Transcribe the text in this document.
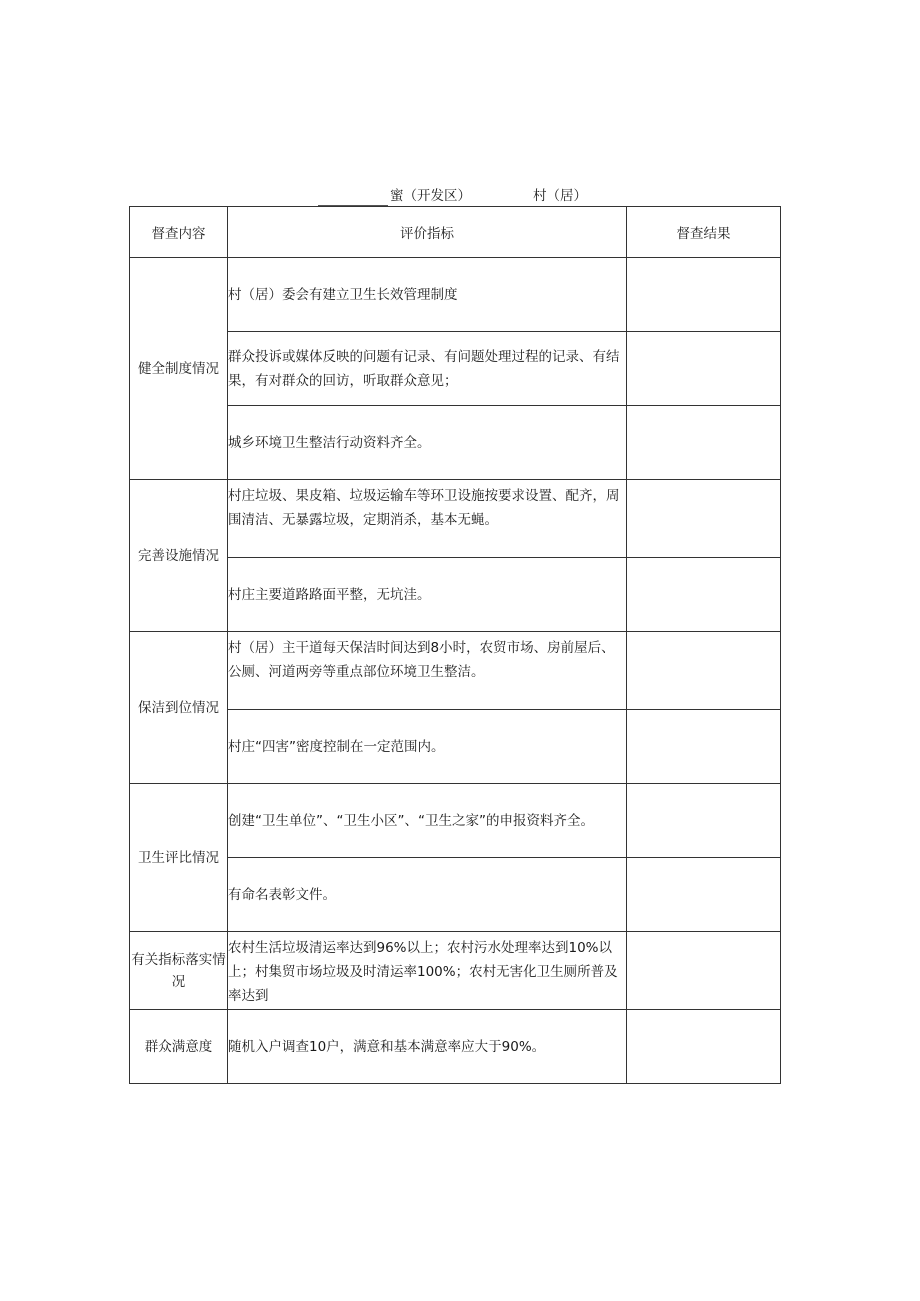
蜜（开发区）	村（居）
督查内容	评价指标	督查结果
健全制度情况	村（居）委会有建立卫生长效管理制度	
	群众投诉或媒体反映的问题有记录、有问题处理过程的记录、有结果，有对群众的回访，听取群众意见；	
	城乡环境卫生整洁行动资料齐全。	
完善设施情况	村庄垃圾、果皮箱、垃圾运输车等环卫设施按要求设置、配齐，周围清洁、无暴露垃圾，定期消杀，基本无蝇。	
	村庄主要道路路面平整，无坑洼。	
保洁到位情况	村（居）主干道每天保洁时间达到8小时，农贸市场、房前屋后、公厕、河道两旁等重点部位环境卫生整洁。	
	村庄“四害”密度控制在一定范围内。	
卫生评比情况	创建“卫生单位”、“卫生小区”、“卫生之家”的申报资料齐全。	
	有命名表彰文件。	
有关指标落实情况	农村生活垃圾清运率达到96%以上；农村污水处理率达到10%以上；村集贸市场垃圾及时清运率100%；农村无害化卫生厕所普及率达到	
群众满意度	随机入户调查10户，满意和基本满意率应大于90%。	
